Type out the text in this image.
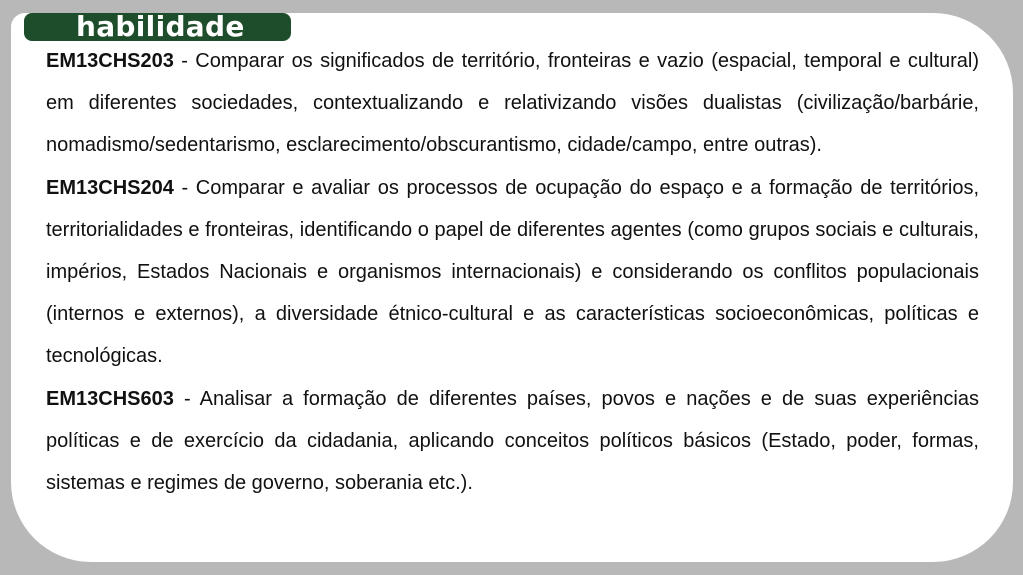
habilidade

EM13CHS203 - Comparar os significados de território, fronteiras e vazio (espacial, temporal e cultural) em diferentes sociedades, contextualizando e relativizando visões dualistas (civilização/barbárie, nomadismo/sedentarismo, esclarecimento/obscurantismo, cidade/campo, entre outras).

EM13CHS204 - Comparar e avaliar os processos de ocupação do espaço e a formação de territórios, territorialidades e fronteiras, identificando o papel de diferentes agentes (como grupos sociais e culturais, impérios, Estados Nacionais e organismos internacionais) e considerando os conflitos populacionais (internos e externos), a diversidade étnico-cultural e as características socioeconômicas, políticas e tecnológicas.

EM13CHS603 - Analisar a formação de diferentes países, povos e nações e de suas experiências políticas e de exercício da cidadania, aplicando conceitos políticos básicos (Estado, poder, formas, sistemas e regimes de governo, soberania etc.).
